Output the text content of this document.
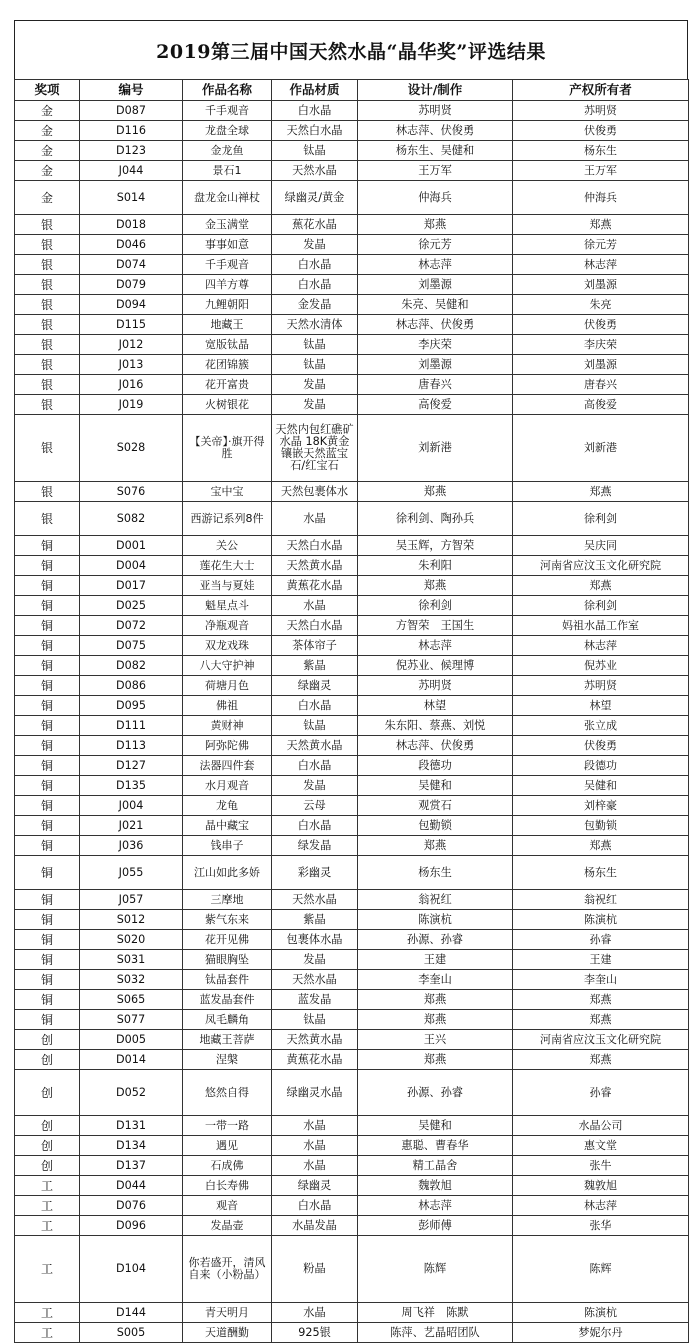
2019第三届中国天然水晶“晶华奖”评选结果
奖项	编号	作品名称	作品材质	设计/制作	产权所有者
金	D087	千手观音	白水晶	苏明贤	苏明贤
金	D116	龙盘全球	天然白水晶	林志萍、伏俊勇	伏俊勇
金	D123	金龙鱼	钛晶	杨东生、吴健和	杨东生
金	J044	景石1	天然水晶	王万军	王万军
金	S014	盘龙金山禅杖	绿幽灵/黄金	仲海兵	仲海兵
银	D018	金玉满堂	蕉花水晶	郑燕	郑燕
银	D046	事事如意	发晶	徐元芳	徐元芳
银	D074	千手观音	白水晶	林志萍	林志萍
银	D079	四羊方尊	白水晶	刘墨源	刘墨源
银	D094	九鲤朝阳	金发晶	朱亮、吴健和	朱亮
银	D115	地藏王	天然水清体	林志萍、伏俊勇	伏俊勇
银	J012	宽版钛晶	钛晶	李庆荣	李庆荣
银	J013	花团锦簇	钛晶	刘墨源	刘墨源
银	J016	花开富贵	发晶	唐春兴	唐春兴
银	J019	火树银花	发晶	高俊爱	高俊爱
银	S028	【关帝】·旗开得胜	天然内包红礁矿水晶 18K黄金镶嵌天然蓝宝石/红宝石	刘新港	刘新港
银	S076	宝中宝	天然包裹体水	郑燕	郑燕
银	S082	西游记系列8件	水晶	徐利剑、陶孙兵	徐利剑
铜	D001	关公	天然白水晶	吴玉辉，方智荣	吴庆同
铜	D004	莲花生大士	天然黄水晶	朱利阳	河南省应汶玉文化研究院
铜	D017	亚当与夏娃	黄蕉花水晶	郑燕	郑燕
铜	D025	魁星点斗	水晶	徐利剑	徐利剑
铜	D072	净瓶观音	天然白水晶	方智荣　王国生	妈祖水晶工作室
铜	D075	双龙戏珠	茶体帘子	林志萍	林志萍
铜	D082	八大守护神	紫晶	倪苏业、候理博	倪苏业
铜	D086	荷塘月色	绿幽灵	苏明贤	苏明贤
铜	D095	佛祖	白水晶	林望	林望
铜	D111	黄财神	钛晶	朱东阳、蔡燕、刘悦	张立成
铜	D113	阿弥陀佛	天然黄水晶	林志萍、伏俊勇	伏俊勇
铜	D127	法器四件套	白水晶	段德功	段德功
铜	D135	水月观音	发晶	吴健和	吴健和
铜	J004	龙龟	云母	观赏石	刘梓豪
铜	J021	晶中藏宝	白水晶	包勤锁	包勤锁
铜	J036	钱串子	绿发晶	郑燕	郑燕
铜	J055	江山如此多娇	彩幽灵	杨东生	杨东生
铜	J057	三摩地	天然水晶	翁祝红	翁祝红
铜	S012	紫气东来	紫晶	陈演杭	陈演杭
铜	S020	花开见佛	包裹体水晶	孙源、孙睿	孙睿
铜	S031	猫眼胸坠	发晶	王建	王建
铜	S032	钛晶套件	天然水晶	李奎山	李奎山
铜	S065	蓝发晶套件	蓝发晶	郑燕	郑燕
铜	S077	凤毛麟角	钛晶	郑燕	郑燕
创	D005	地藏王菩萨	天然黄水晶	王兴	河南省应汶玉文化研究院
创	D014	涅槃	黄蕉花水晶	郑燕	郑燕
创	D052	悠然自得	绿幽灵水晶	孙源、孙睿	孙睿
创	D131	一带一路	水晶	吴健和	水晶公司
创	D134	遇见	水晶	惠聪、曹春华	惠文堂
创	D137	石成佛	水晶	精工晶舍	张牛
工	D044	白长寿佛	绿幽灵	魏敦旭	魏敦旭
工	D076	观音	白水晶	林志萍	林志萍
工	D096	发晶壶	水晶发晶	彭师傅	张华
工	D104	你若盛开，清风自来（小粉晶）	粉晶	陈辉	陈辉
工	D144	青天明月	水晶	周飞祥　陈默	陈演杭
工	S005	天道酬勤	925银	陈萍、艺晶昭团队	梦妮尔丹
